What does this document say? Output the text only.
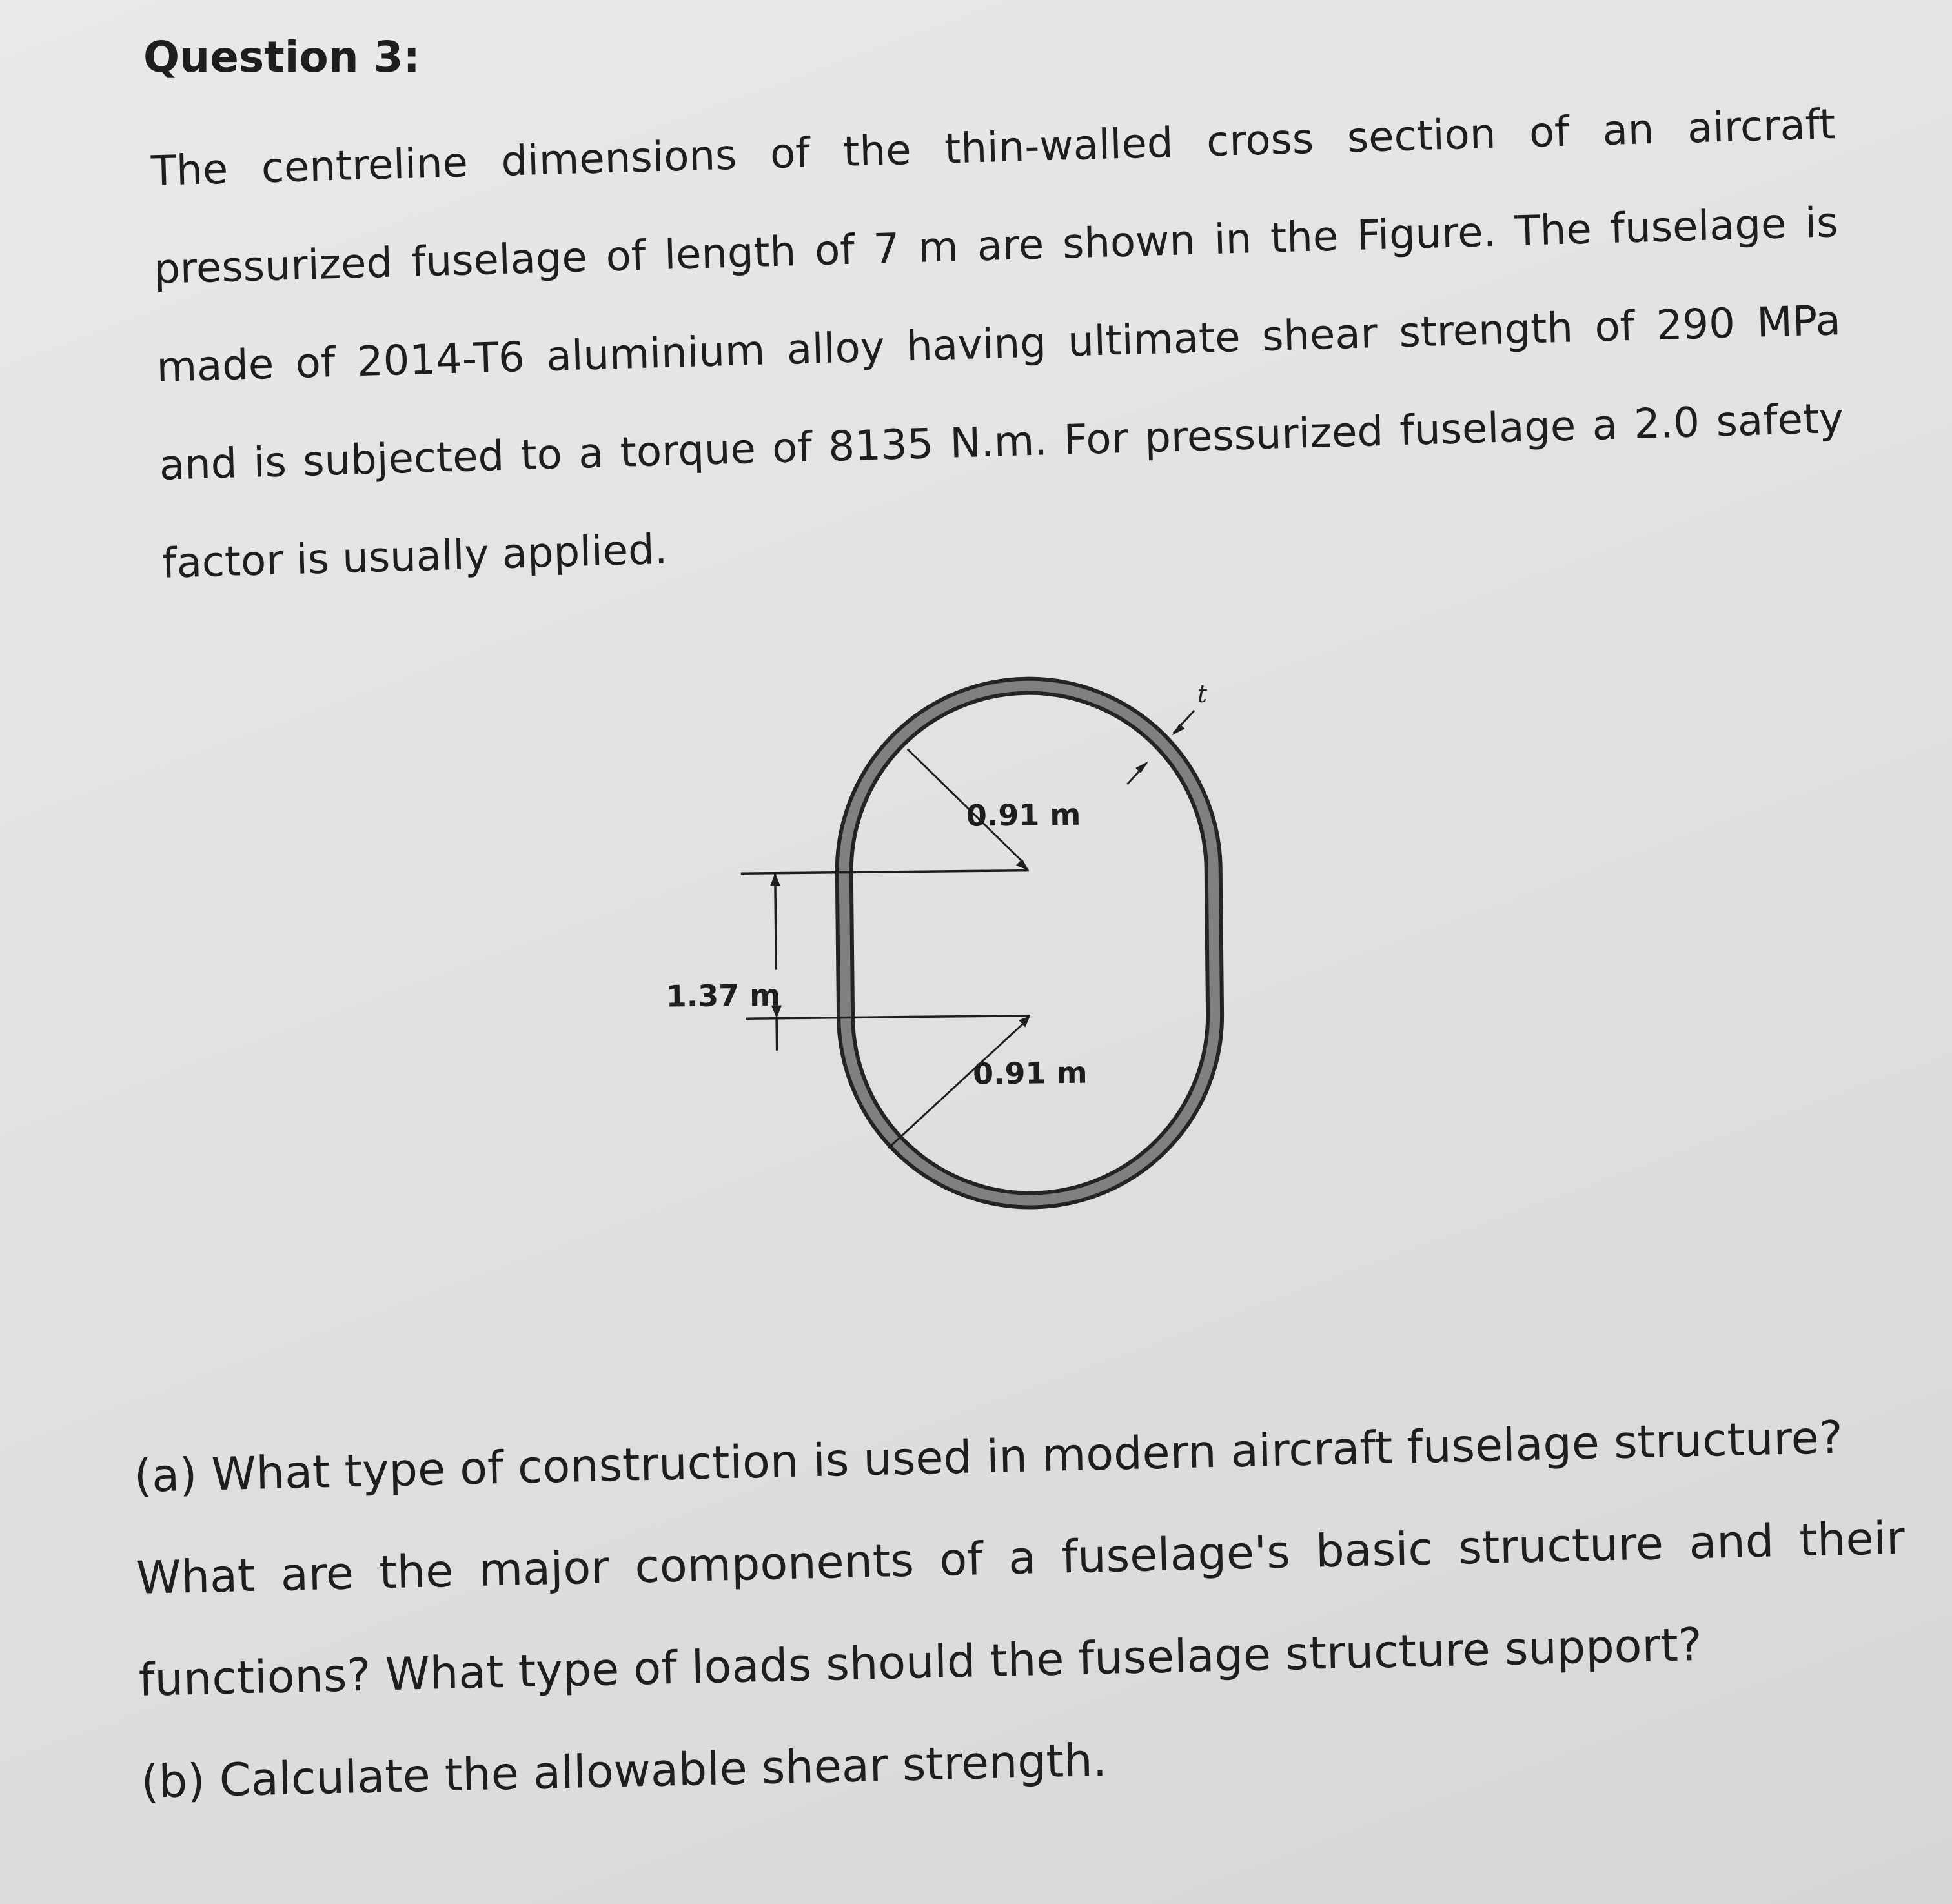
Question 3:
The centreline dimensions of the thin-walled cross section of an aircraft
pressurized fuselage of length of 7 m are shown in the Figure. The fuselage is
made of 2014-T6 aluminium alloy having ultimate shear strength of 290 MPa
and is subjected to a torque of 8135 N.m. For pressurized fuselage a 2.0 safety
factor is usually applied.
0.91 m
1.37 m
0.91 m
t
(a) What type of construction is used in modern aircraft fuselage structure?
What are the major components of a fuselage's basic structure and their
functions? What type of loads should the fuselage structure support?
(b) Calculate the allowable shear strength.
